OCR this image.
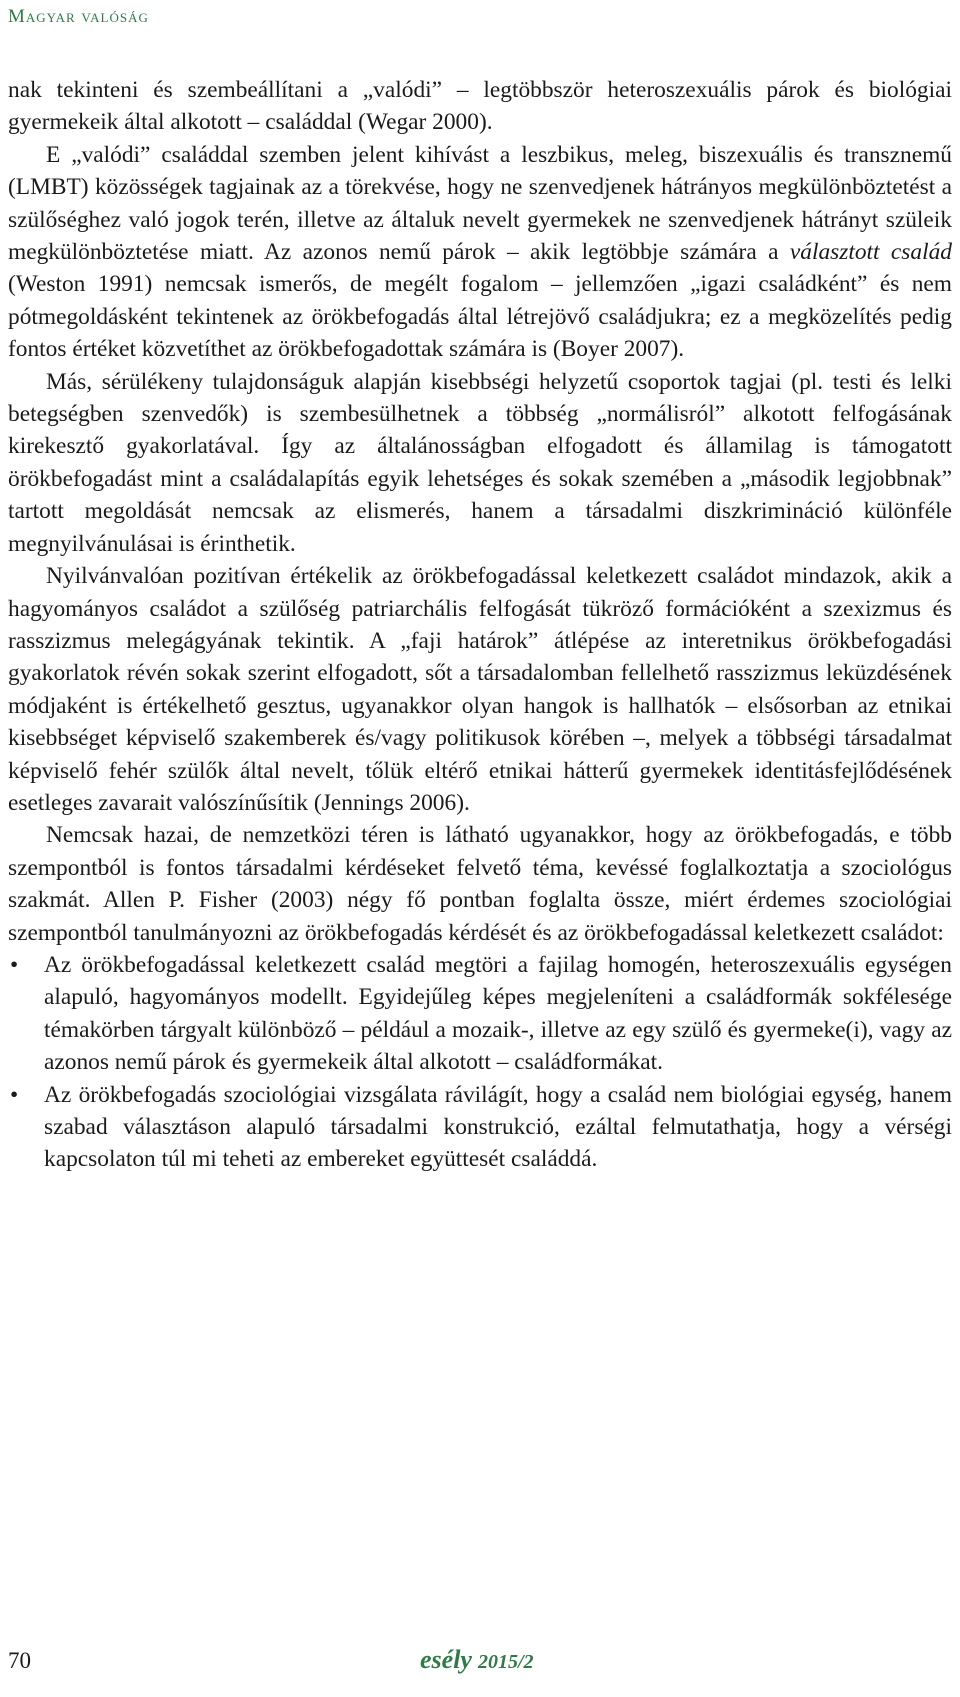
Magyar valóság

nak tekinteni és szembeállítani a „valódi” – legtöbbször heteroszexuális párok és biológiai gyermekeik által alkotott – családdal (Wegar 2000).

E „valódi” családdal szemben jelent kihívást a leszbikus, meleg, biszexuális és transznemű (LMBT) közösségek tagjainak az a törekvése, hogy ne szenvedjenek hátrányos megkülönböztetést a szülőséghez való jogok terén, illetve az általuk nevelt gyermekek ne szenvedjenek hátrányt szüleik megkülönböztetése miatt. Az azonos nemű párok – akik legtöbbje számára a választott család (Weston 1991) nemcsak ismerős, de megélt fogalom – jellemzően „igazi családként” és nem pótmegoldásként tekintenek az örökbefogadás által létrejövő családjukra; ez a megközelítés pedig fontos értéket közvetíthet az örökbefogadottak számára is (Boyer 2007).

Más, sérülékeny tulajdonságuk alapján kisebbségi helyzetű csoportok tagjai (pl. testi és lelki betegségben szenvedők) is szembesülhetnek a többség „normálisról” alkotott felfogásának kirekesztő gyakorlatával. Így az általánosságban elfogadott és államilag is támogatott örökbefogadást mint a családalapítás egyik lehetséges és sokak szemében a „második legjobbnak” tartott megoldását nemcsak az elismerés, hanem a társadalmi diszkrimináció különféle megnyilvánulásai is érinthetik.

Nyilvánvalóan pozitívan értékelik az örökbefogadással keletkezett családot mindazok, akik a hagyományos családot a szülőség patriarchális felfogását tükröző formációként a szexizmus és rasszizmus melegágyának tekintik. A „faji határok” átlépése az interetnikus örökbefogadási gyakorlatok révén sokak szerint elfogadott, sőt a társadalomban fellelhető rasszizmus leküzdésének módjaként is értékelhető gesztus, ugyanakkor olyan hangok is hallhatók – elsősorban az etnikai kisebbséget képviselő szakemberek és/vagy politikusok körében –, melyek a többségi társadalmat képviselő fehér szülők által nevelt, tőlük eltérő etnikai hátterű gyermekek identitásfejlődésének esetleges zavarait valószínűsítik (Jennings 2006).

Nemcsak hazai, de nemzetközi téren is látható ugyanakkor, hogy az örökbefogadás, e több szempontból is fontos társadalmi kérdéseket felvető téma, kevéssé foglalkoztatja a szociológus szakmát. Allen P. Fisher (2003) négy fő pontban foglalta össze, miért érdemes szociológiai szempontból tanulmányozni az örökbefogadás kérdését és az örökbefogadással keletkezett családot:

• Az örökbefogadással keletkezett család megtöri a fajilag homogén, heteroszexuális egységen alapuló, hagyományos modellt. Egyidejűleg képes megjeleníteni a családformák sokfélesége témakörben tárgyalt különböző – például a mozaik-, illetve az egy szülő és gyermeke(i), vagy az azonos nemű párok és gyermekeik által alkotott – családformákat.
• Az örökbefogadás szociológiai vizsgálata rávilágít, hogy a család nem biológiai egység, hanem szabad választáson alapuló társadalmi konstrukció, ezáltal felmutathatja, hogy a vérségi kapcsolaton túl mi teheti az embereket együttesét családdá.
70	esély 2015/2
